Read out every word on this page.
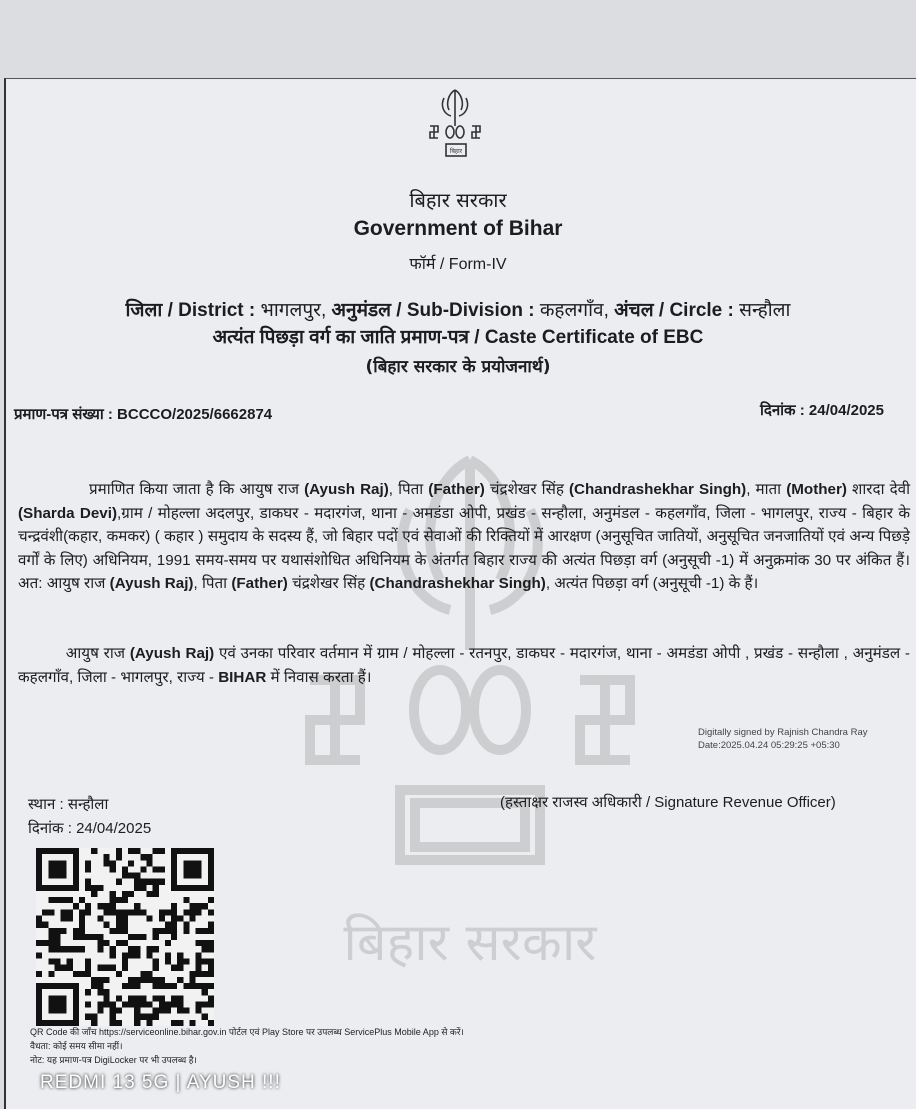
बिहार सरकार
बिहार
बिहार सरकार
Government of Bihar
फॉर्म / Form-IV
जिला / District : भागलपुर, अनुमंडल / Sub-Division : कहलगाँव, अंचल / Circle : सन्हौला
अत्यंत पिछड़ा वर्ग का जाति प्रमाण-पत्र / Caste Certificate of EBC
(बिहार सरकार के प्रयोजनार्थ)
प्रमाण-पत्र संख्या : BCCCO/2025/6662874	दिनांक : 24/04/2025
प्रमाणित किया जाता है कि आयुष राज (Ayush Raj), पिता (Father) चंद्रशेखर सिंह (Chandrashekhar Singh), माता (Mother) शारदा देवी (Sharda Devi),ग्राम / मोहल्ला अदलपुर, डाकघर - मदारगंज, थाना - अमडंडा ओपी, प्रखंड - सन्हौला, अनुमंडल - कहलगाँव, जिला - भागलपुर, राज्य - बिहार के चन्द्रवंशी(कहार, कमकर) ( कहार ) समुदाय के सदस्य हैं, जो बिहार पदों एवं सेवाओं की रिक्तियों में आरक्षण (अनुसूचित जातियों, अनुसूचित जनजातियों एवं अन्य पिछड़े वर्गों के लिए) अधिनियम, 1991 समय-समय पर यथासंशोधित अधिनियम के अंतर्गत बिहार राज्य की अत्यंत पिछड़ा वर्ग (अनुसूची -1) में अनुक्रमांक 30 पर अंकित हैं। अत: आयुष राज (Ayush Raj), पिता (Father) चंद्रशेखर सिंह (Chandrashekhar Singh), अत्यंत पिछड़ा वर्ग (अनुसूची -1) के हैं।
आयुष राज (Ayush Raj) एवं उनका परिवार वर्तमान में ग्राम / मोहल्ला - रतनपुर, डाकघर - मदारगंज, थाना - अमडंडा ओपी , प्रखंड - सन्हौला , अनुमंडल - कहलगाँव, जिला - भागलपुर, राज्य - BIHAR में निवास करता हैं।
Digitally signed by Rajnish Chandra Ray
Date:2025.04.24 05:29:25 +05:30
स्थान : सन्हौला
दिनांक : 24/04/2025
(हस्ताक्षर राजस्व अधिकारी / Signature Revenue Officer)
QR Code की जाँच https://serviceonline.bihar.gov.in पोर्टल एवं Play Store पर उपलब्ध ServicePlus Mobile App से करें।
वैधता: कोई समय सीमा नहीं।
नोट: यह प्रमाण-पत्र DigiLocker पर भी उपलब्ध है।
REDMI 13 5G | AYUSH !!!
